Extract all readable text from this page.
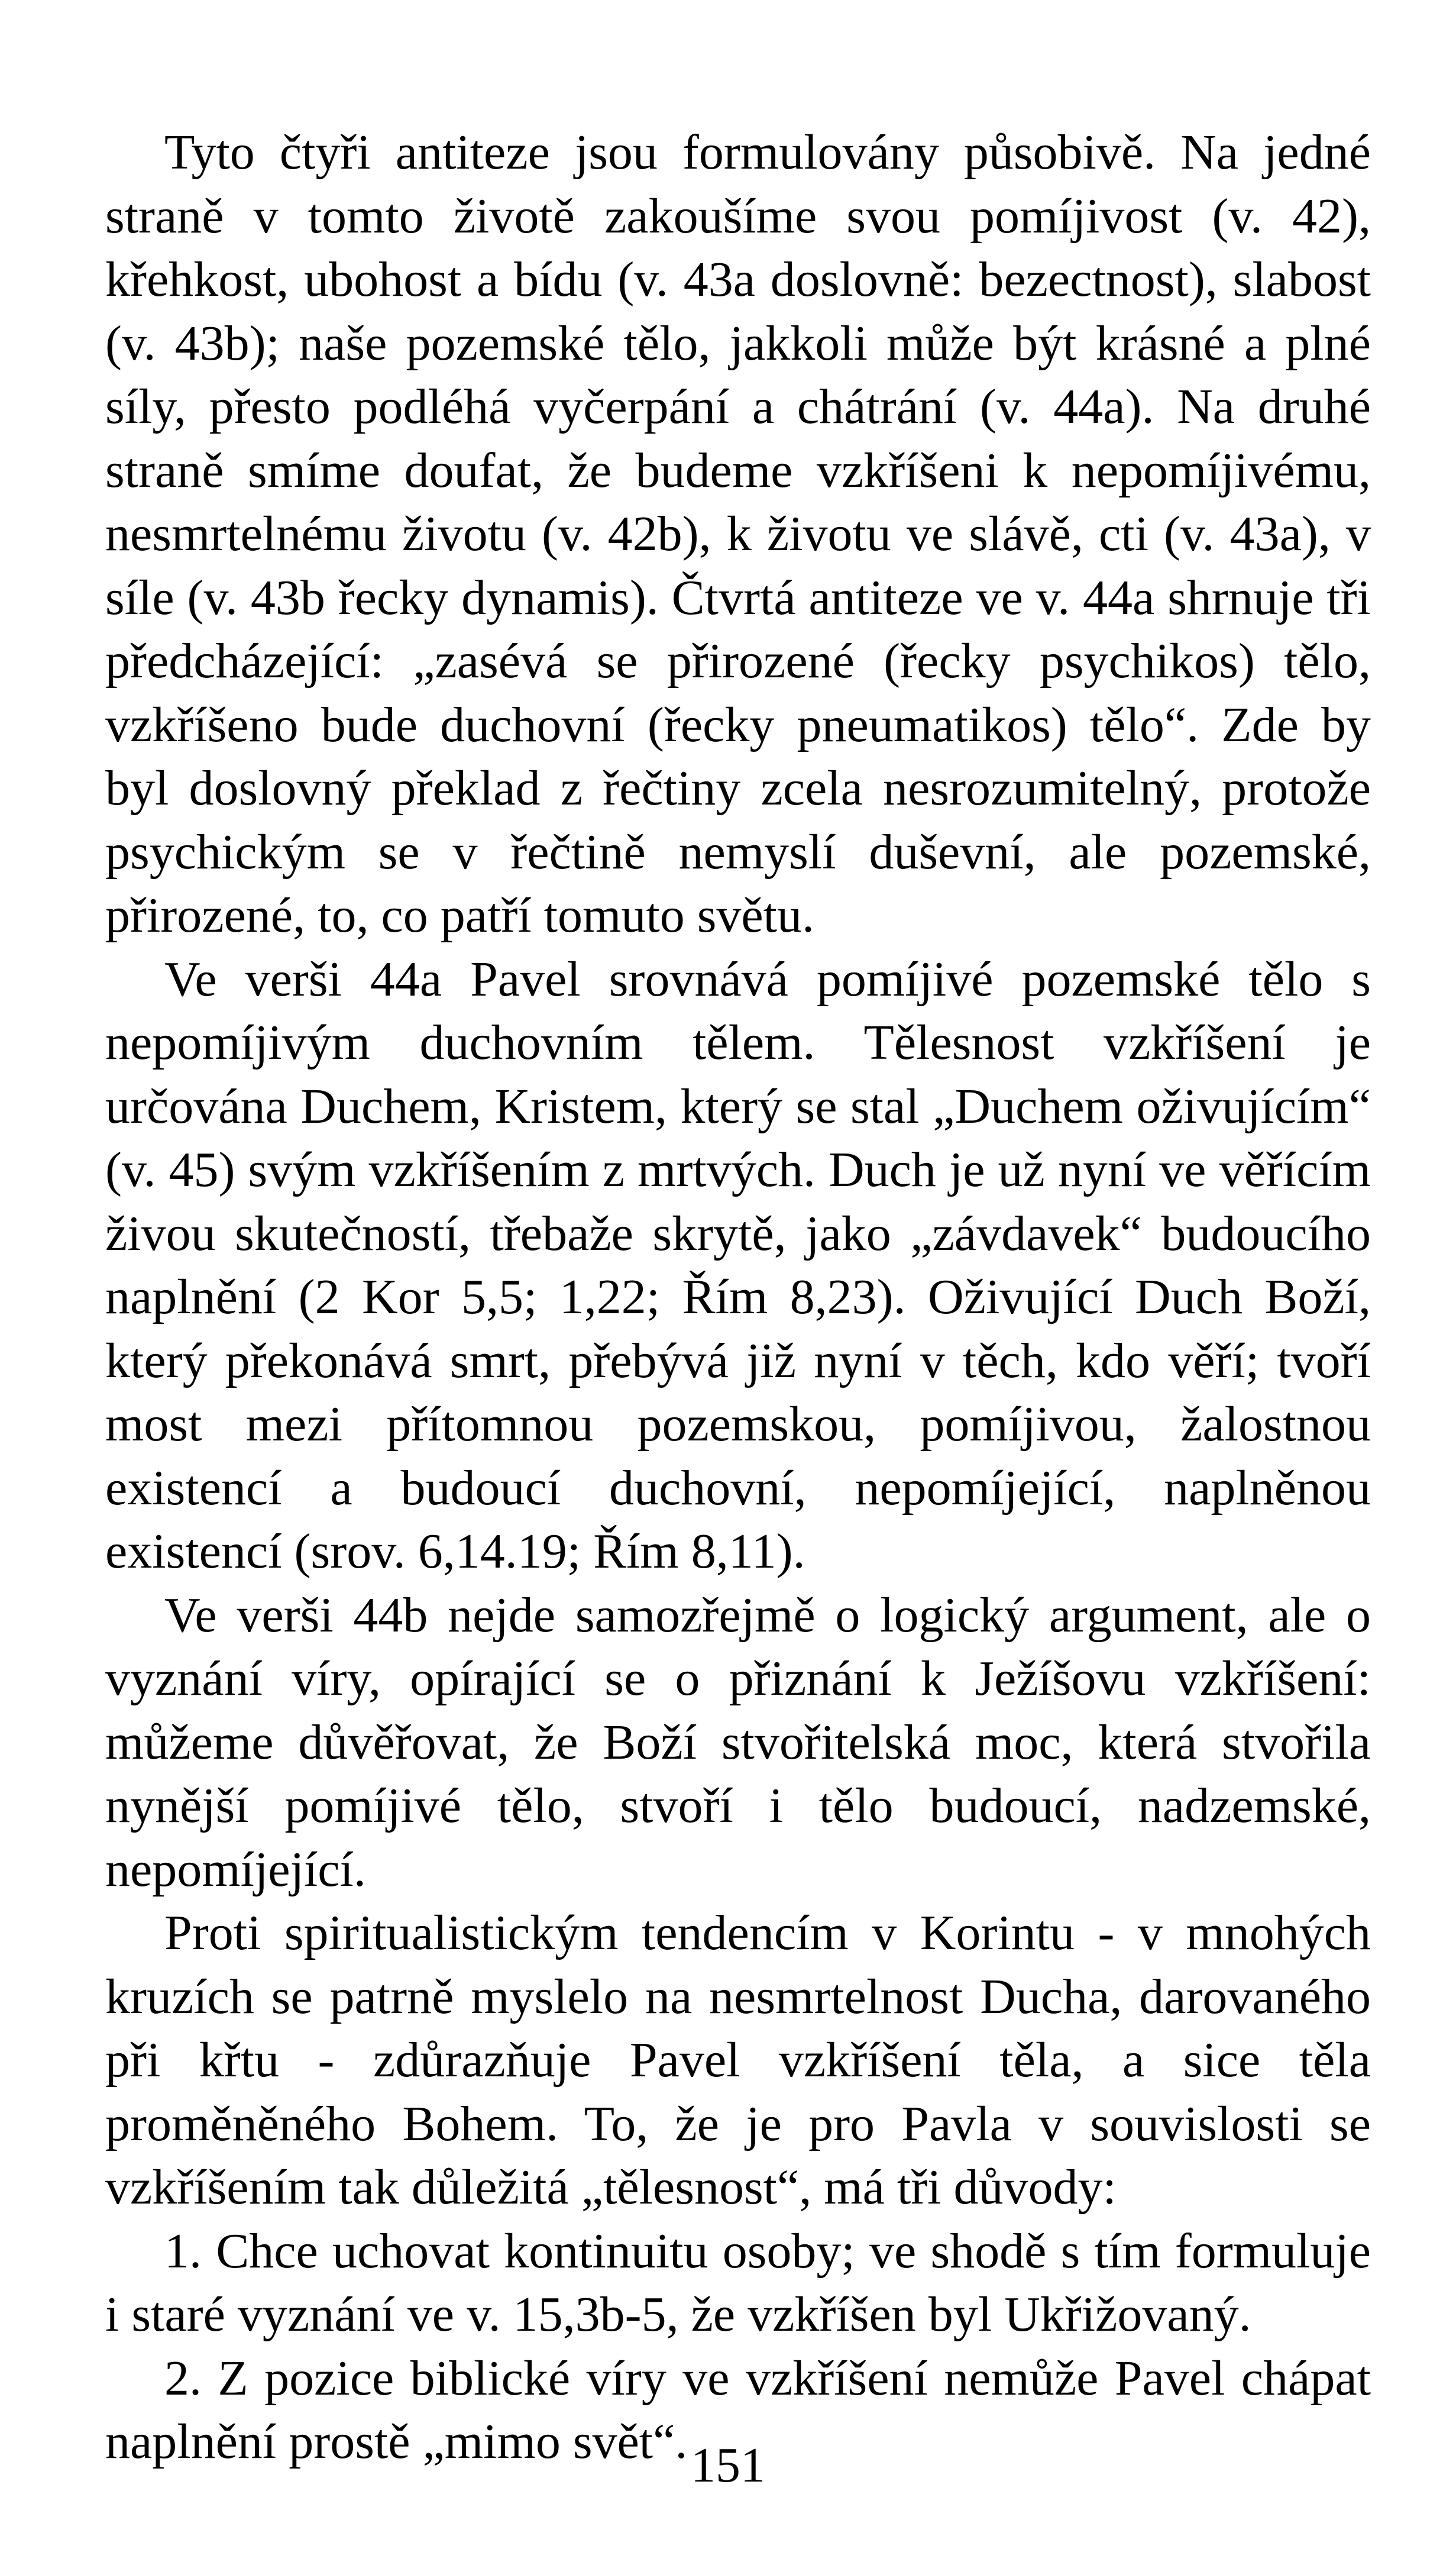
Tyto čtyři antiteze jsou formulovány působivě. Na jedné straně v tomto životě zakoušíme svou pomíjivost (v. 42), křehkost, ubohost a bídu (v. 43a doslovně: bezectnost), slabost (v. 43b); naše pozemské tělo, jakkoli může být krásné a plné síly, přesto podléhá vyčerpání a chátrání (v. 44a). Na druhé straně smíme doufat, že budeme vzkříšeni k nepomíjivému, nesmrtelnému životu (v. 42b), k životu ve slávě, cti (v. 43a), v síle (v. 43b řecky dynamis). Čtvrtá antiteze ve v. 44a shrnuje tři předcházející: „zasévá se přirozené (řecky psychikos) tělo, vzkříšeno bude duchovní (řecky pneumatikos) tělo“. Zde by byl doslovný překlad z řečtiny zcela nesrozumitelný, protože psychickým se v řečtině nemyslí duševní, ale pozemské, přirozené, to, co patří tomuto světu.

Ve verši 44a Pavel srovnává pomíjivé pozemské tělo s nepomíjivým duchovním tělem. Tělesnost vzkříšení je určována Duchem, Kristem, který se stal „Duchem oživujícím“ (v. 45) svým vzkříšením z mrtvých. Duch je už nyní ve věřícím živou skutečností, třebaže skrytě, jako „závdavek“ budoucího naplnění (2 Kor 5,5; 1,22; Řím 8,23). Oživující Duch Boží, který překonává smrt, přebývá již nyní v těch, kdo věří; tvoří most mezi přítomnou pozemskou, pomíjivou, žalostnou existencí a budoucí duchovní, nepomíjející, naplněnou existencí (srov. 6,14.19; Řím 8,11).

Ve verši 44b nejde samozřejmě o logický argument, ale o vyznání víry, opírající se o přiznání k Ježíšovu vzkříšení: můžeme důvěřovat, že Boží stvořitelská moc, která stvořila nynější pomíjivé tělo, stvoří i tělo budoucí, nadzemské, nepomíjející.

Proti spiritualistickým tendencím v Korintu - v mnohých kruzích se patrně myslelo na nesmrtelnost Ducha, darovaného při křtu - zdůrazňuje Pavel vzkříšení těla, a sice těla proměněného Bohem. To, že je pro Pavla v souvislosti se vzkříšením tak důležitá „tělesnost“, má tři důvody:

1. Chce uchovat kontinuitu osoby; ve shodě s tím formuluje i staré vyznání ve v. 15,3b-5, že vzkříšen byl Ukřižovaný.

2. Z pozice biblické víry ve vzkříšení nemůže Pavel chápat naplnění prostě „mimo svět“. 151
